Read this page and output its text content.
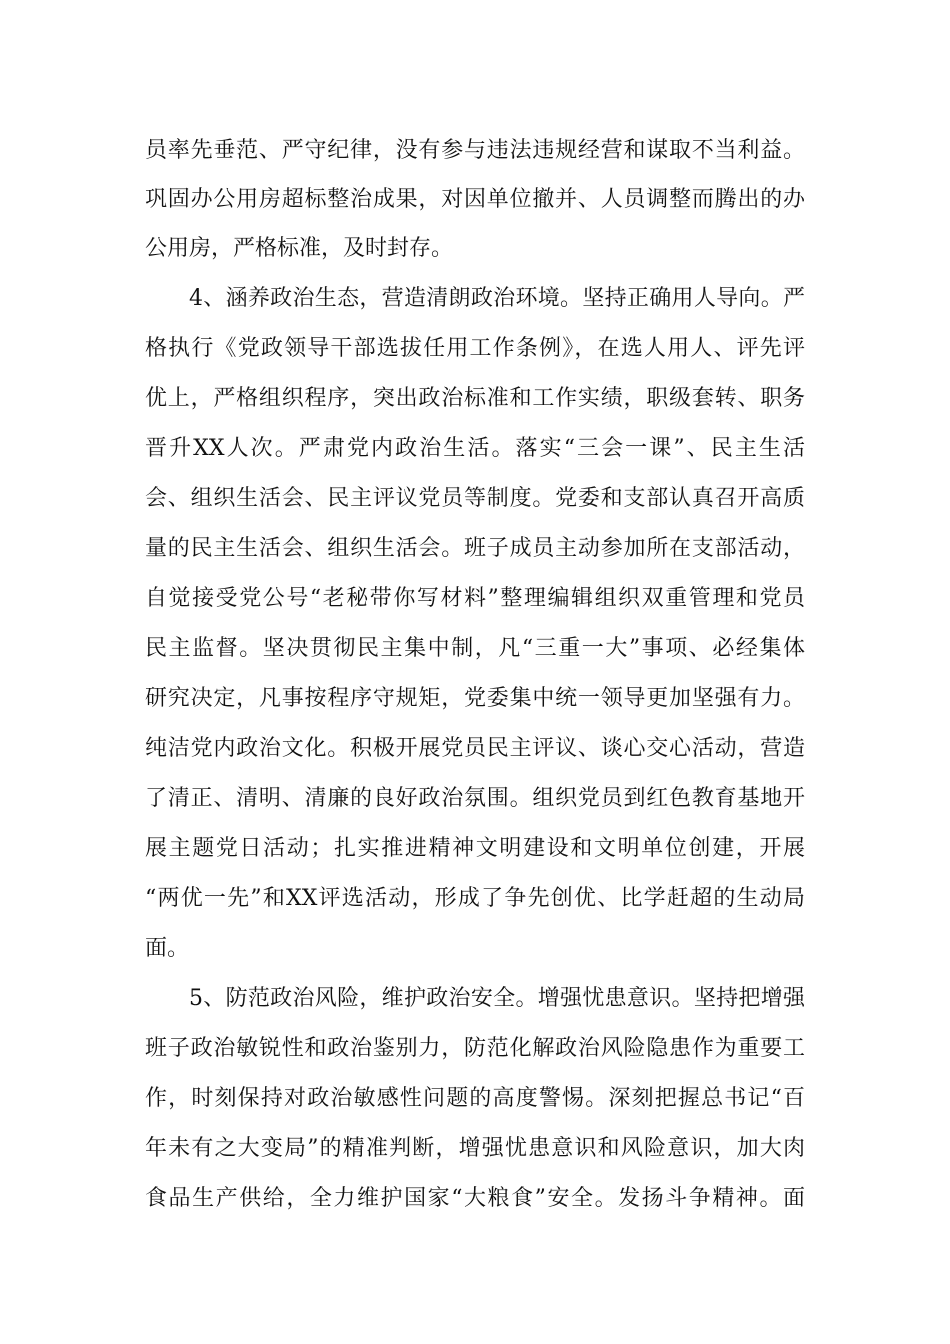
员率先垂范、严守纪律，没有参与违法违规经营和谋取不当利益。
巩固办公用房超标整治成果，对因单位撤并、人员调整而腾出的办
公用房，严格标准，及时封存。
4、涵养政治生态，营造清朗政治环境。坚持正确用人导向。严
格执行《党政领导干部选拔任用工作条例》，在选人用人、评先评
优上，严格组织程序，突出政治标准和工作实绩，职级套转、职务
晋升XX人次。严肃党内政治生活。落实“三会一课”、民主生活
会、组织生活会、民主评议党员等制度。党委和支部认真召开高质
量的民主生活会、组织生活会。班子成员主动参加所在支部活动，
自觉接受党公号“老秘带你写材料”整理编辑组织双重管理和党员
民主监督。坚决贯彻民主集中制，凡“三重一大”事项、必经集体
研究决定，凡事按程序守规矩，党委集中统一领导更加坚强有力。
纯洁党内政治文化。积极开展党员民主评议、谈心交心活动，营造
了清正、清明、清廉的良好政治氛围。组织党员到红色教育基地开
展主题党日活动；扎实推进精神文明建设和文明单位创建，开展
“两优一先”和XX评选活动，形成了争先创优、比学赶超的生动局
面。
5、防范政治风险，维护政治安全。增强忧患意识。坚持把增强
班子政治敏锐性和政治鉴别力，防范化解政治风险隐患作为重要工
作，时刻保持对政治敏感性问题的高度警惕。深刻把握总书记“百
年未有之大变局”的精准判断，增强忧患意识和风险意识，加大肉
食品生产供给，全力维护国家“大粮食”安全。发扬斗争精神。面
